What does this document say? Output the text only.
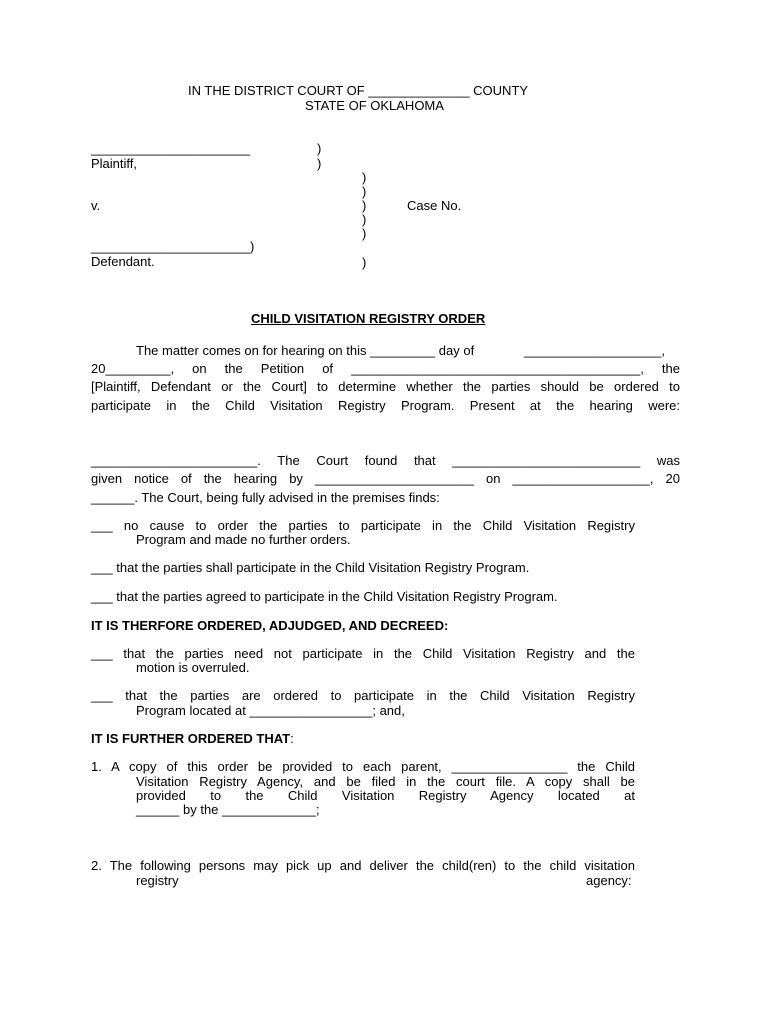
IN THE DISTRICT COURT OF ______________ COUNTY
STATE OF OKLAHOMA
______________________
Plaintiff,
v.
______________________)
Defendant.
)
)
)
)
)
)
)
)
Case No.
CHILD VISITATION REGISTRY ORDER
The matter comes on for hearing on this _________ day of	___________________,
20_________, on the Petition of ________________________________________, the
[Plaintiff, Defendant or the Court] to determine whether the parties should be ordered to
participate in the Child Visitation Registry Program. Present at the hearing were:
_______________________. The Court found that __________________________ was
given notice of the hearing by ______________________ on ___________________, 20
______. The Court, being fully advised in the premises finds:
___ no cause to order the parties to participate in the Child Visitation Registry
Program and made no further orders.
___ that the parties shall participate in the Child Visitation Registry Program.
___ that the parties agreed to participate in the Child Visitation Registry Program.
IT IS THERFORE ORDERED, ADJUDGED, AND DECREED:
___ that the parties need not participate in the Child Visitation Registry and the
motion is overruled.
___ that the parties are ordered to participate in the Child Visitation Registry
Program located at _________________; and,
IT IS FURTHER ORDERED THAT:
1. A copy of this order be provided to each parent, ________________ the Child
Visitation Registry Agency, and be filed in the court file. A copy shall be
provided to the Child Visitation Registry Agency located at
______ by the _____________;
2. The following persons may pick up and deliver the child(ren) to the child visitation
registry	agency:
